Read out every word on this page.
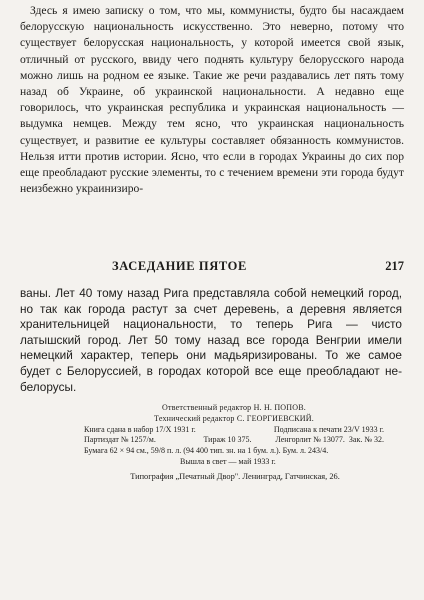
Здесь я имею записку о том, что мы, коммунисты, будто бы насаждаем белорусскую национальность искусственно. Это неверно, потому что существует белорусская национальность, у которой имеется свой язык, отличный от русского, ввиду чего поднять культуру белорусского народа можно лишь на родном ее языке. Такие же речи раздавались лет пять тому назад об Украине, об украинской национальности. А недавно еще говорилось, что украинская республика и украинская национальность — выдумка немцев. Между тем ясно, что украинская национальность существует, и развитие ее культуры составляет обязанность коммунистов. Нельзя итти против истории. Ясно, что если в городах Украины до сих пор еще преобладают русские элементы, то с течением времени эти города будут неизбежно украинизиро-

ЗАСЕДАНИЕ ПЯТОЕ	217

ваны. Лет 40 тому назад Рига представляла собой немецкий город, но так как города растут за счет деревень, а деревня является хранительницей национальности, то теперь Рига — чисто латышский город. Лет 50 тому назад все города Венгрии имели немецкий характер, теперь они мадьяризированы. То же самое будет с Белоруссией, в городах которой все еще преобладают не-белорусы.

Ответственный редактор Н. Н. ПОПОВ.
Технический редактор С. ГЕОРГИЕВСКИЙ.
Книга сдана в набор 17/X 1931 г.	Подписана к печати 23/V 1933 г.
Партиздат № 1257/м.	Тираж 10 375.	Ленгорлит № 13077. Зак. № 32.
Бумага 62 × 94 см., 59/8 п. л. (94 400 тип. зн. на 1 бум. л.). Бум. л. 243/4.
Вышла в свет — май 1933 г.
Типография „Печатный Двор". Ленинград, Гатчинская, 26.
